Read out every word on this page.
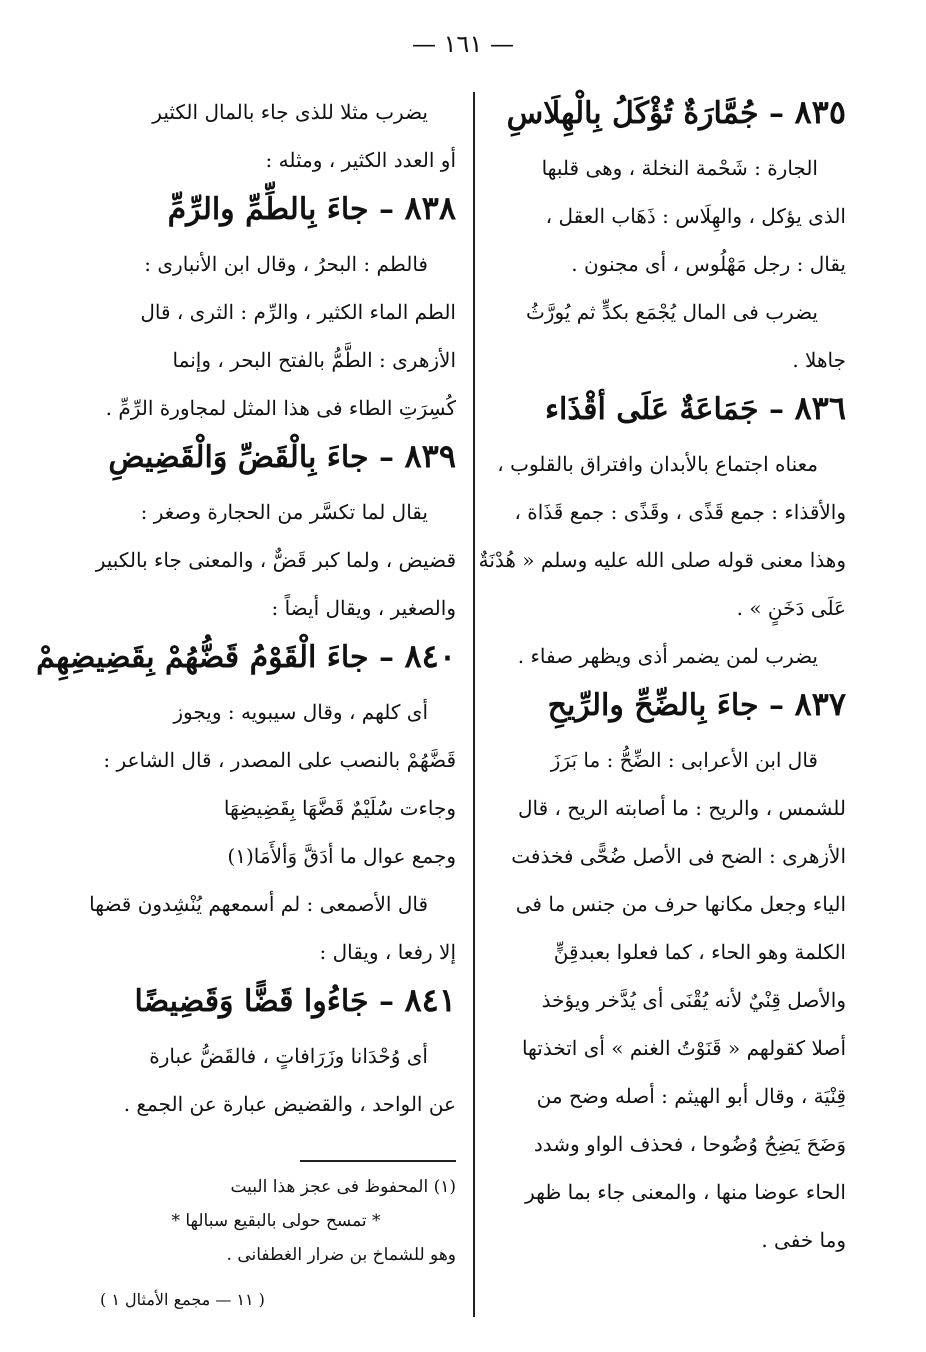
— ١٦١ —
٨٣٥ – جُمَّارَةٌ تُؤْكَلُ بِالْهِلَاسِ
الجارة : شَحْمة النخلة ، وهى قلبها
الذى يؤكل ، والهِلَاس : ذَهَاب العقل ،
يقال : رجل مَهْلُوس ، أى مجنون .
يضرب فى المال يُجْمَع بكدٍّ ثم يُورَّثُ
جاهلا .
٨٣٦ – جَمَاعَةٌ عَلَى أقْذَاء
معناه اجتماع بالأبدان وافتراق بالقلوب ،
والأقذاء : جمع قَذًى ، وقَذًى : جمع قَذَاة ،
وهذا معنى قوله صلى الله عليه وسلم « هُدْنَةٌ
عَلَى دَخَنٍ » .
يضرب لمن يضمر أذى ويظهر صفاء .
٨٣٧ – جاءَ بِالضِّحِّ والرِّيحِ
قال ابن الأعرابى : الضِّحُّ : ما بَرَزَ
للشمس ، والريح : ما أصابته الريح ، قال
الأزهرى : الضح فى الأصل ضُحًّى فخذفت
الياء وجعل مكانها حرف من جنس ما فى
الكلمة وهو الحاء ، كما فعلوا بعبدقِنٍّ
والأصل قِنْيٌ لأنه يُقْنَى أى يُدَّخر ويؤخذ
أصلا كقولهم « قَنَوْتُ الغنم » أى اتخذتها
قِنْيَة ، وقال أبو الهيثم : أصله وضح من
وَضَحَ يَضِحُ وُضُوحا ، فحذف الواو وشدد
الحاء عوضا منها ، والمعنى جاء بما ظهر
وما خفى .
يضرب مثلا للذى جاء بالمال الكثير
أو العدد الكثير ، ومثله :
٨٣٨ – جاءَ بِالطِّمِّ والرِّمِّ
فالطم : البحرُ ، وقال ابن الأنبارى :
الطم الماء الكثير ، والرِّم : الثرى ، قال
الأزهرى : الطَّمُّ بالفتح البحر ، وإنما
كُسِرَتِ الطاء فى هذا المثل لمجاورة الرِّمِّ .
٨٣٩ – جاءَ بِالْقَضِّ وَالْقَضِيضِ
يقال لما تكسَّر من الحجارة وصغر :
قضيض ، ولما كبر قَضٌّ ، والمعنى جاء بالكبير
والصغير ، ويقال أيضاً :
٨٤٠ – جاءَ الْقَوْمُ قَضُّهُمْ بِقَضِيضِهِمْ
أى كلهم ، وقال سيبويه : ويجوز
قَضَّهُمْ بالنصب على المصدر ، قال الشاعر :
وجاءت سُلَيْمٌ قَضَّهَا بِقَضِيضِهَا
وجمع عوال ما أدَقَّ وَألأَمَا(١)
قال الأصمعى : لم أسمعهم يُنْشِدون قضها
إلا رفعا ، ويقال :
٨٤١ – جَاءُوا قَضًّا وَقَضِيضًا
أى وُحْدَانا وزَرَافاتٍ ، فالقَضُّ عبارة
عن الواحد ، والقضيض عبارة عن الجمع .
(١) المحفوظ فى عجز هذا البيت
* تمسح حولى بالبقيع سبالها *
وهو للشماخ بن ضرار الغطفانى .
( ١١ — مجمع الأمثال ١ )
